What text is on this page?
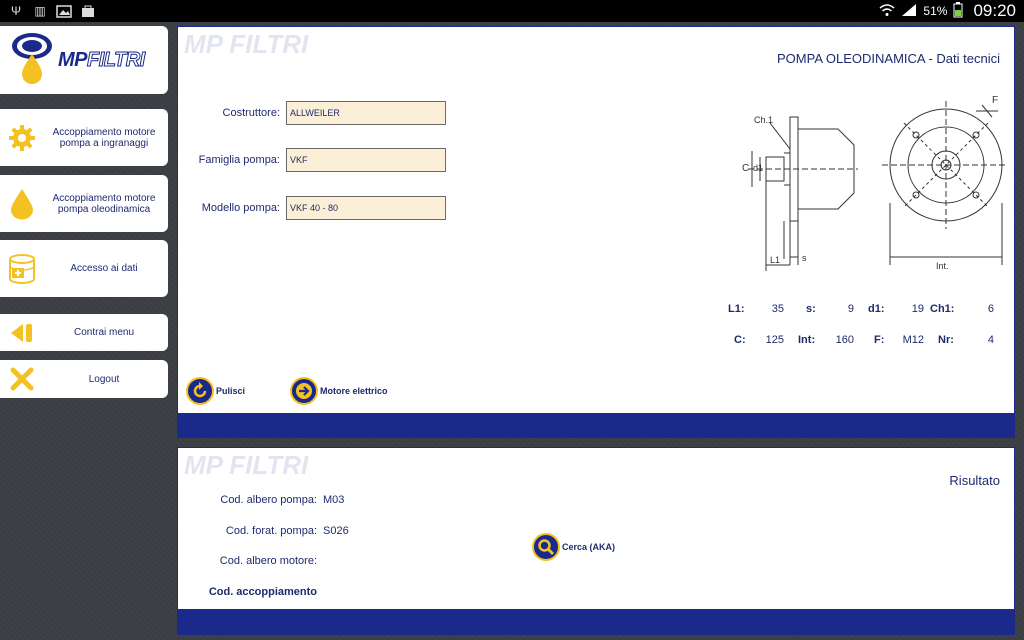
Ψ ▥	51% 09:20
MPFILTRI
Accoppiamento motore pompa a ingranaggi
Accoppiamento motore pompa oleodinamica
Accesso ai dati
Contrai menu
Logout
MP FILTRI	POMPA OLEODINAMICA - Dati tecnici
Costruttore:	ALLWEILER
Famiglia pompa:	VKF
Modello pompa:	VKF 40 - 80
Ch.1
C d1
L1 s
F
Int.
L1:	35 s:	9 d1:	19 Ch1:	6
C:	125 Int:	160 F:	M12 Nr:	4
Pulisci	Motore elettrico
MP FILTRI
Risultato
Cod. albero pompa: M03
Cod. forat. pompa: S026
Cod. albero motore:
Cod. accoppiamento
Cerca (AKA)
